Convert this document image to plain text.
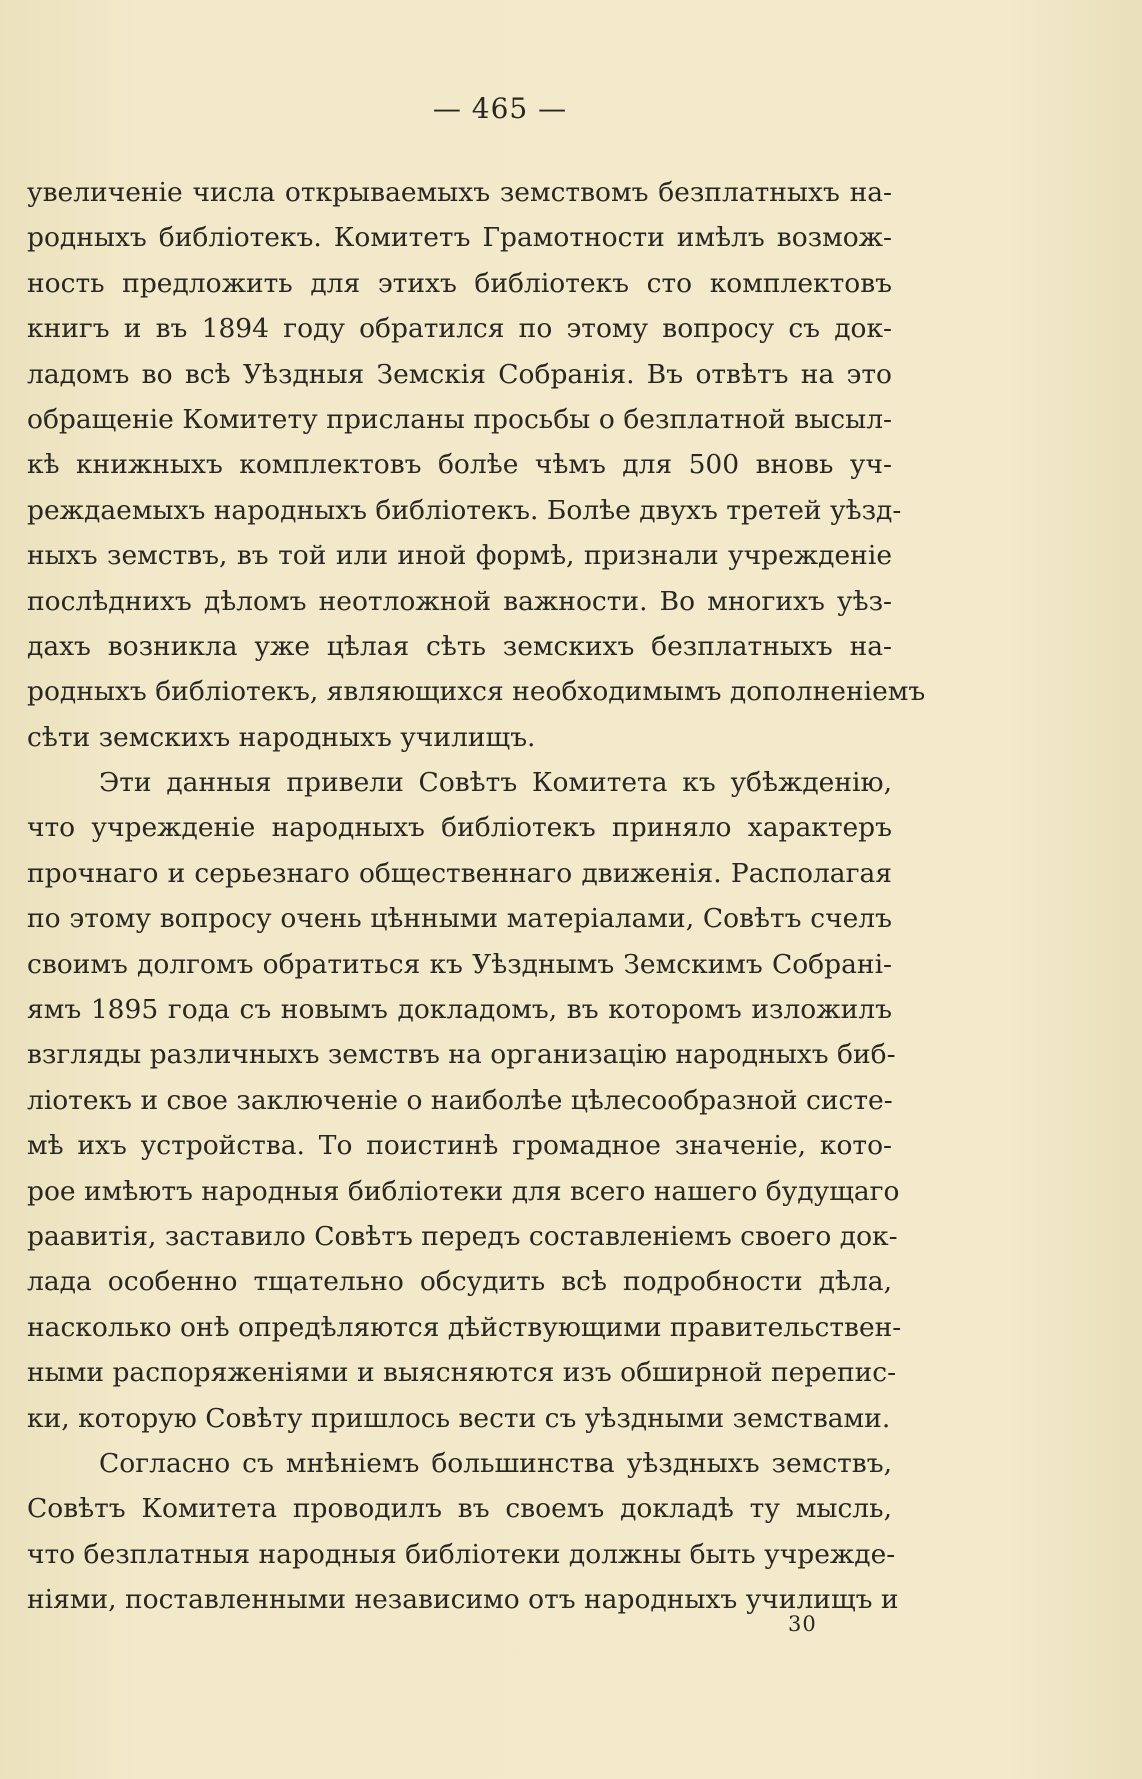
— 465 —
увеличеніе числа открываемыхъ земствомъ безплатныхъ на-
родныхъ библіотекъ. Комитетъ Грамотности имѣлъ возмож-
ность предложить для этихъ библіотекъ сто комплектовъ
книгъ и въ 1894 году обратился по этому вопросу съ док-
ладомъ во всѣ Уѣздныя Земскія Собранія. Въ отвѣтъ на это
обращеніе Комитету присланы просьбы о безплатной высыл-
кѣ книжныхъ комплектовъ болѣе чѣмъ для 500 вновь уч-
реждаемыхъ народныхъ библіотекъ. Болѣе двухъ третей уѣзд-
ныхъ земствъ, въ той или иной формѣ, признали учрежденіе
послѣднихъ дѣломъ неотложной важности. Во многихъ уѣз-
дахъ возникла уже цѣлая сѣть земскихъ безплатныхъ на-
родныхъ библіотекъ, являющихся необходимымъ дополненіемъ
сѣти земскихъ народныхъ училищъ.
Эти данныя привели Совѣтъ Комитета къ убѣжденію,
что учрежденіе народныхъ библіотекъ приняло характеръ
прочнаго и серьезнаго общественнаго движенія. Располагая
по этому вопросу очень цѣнными матеріалами, Совѣтъ счелъ
своимъ долгомъ обратиться къ Уѣзднымъ Земскимъ Собрані-
ямъ 1895 года съ новымъ докладомъ, въ которомъ изложилъ
взгляды различныхъ земствъ на организацію народныхъ биб-
ліотекъ и свое заключеніе о наиболѣе цѣлесообразной систе-
мѣ ихъ устройства. То поистинѣ громадное значеніе, кото-
рое имѣютъ народныя библіотеки для всего нашего будущаго
раавитія, заставило Совѣтъ передъ составленіемъ своего док-
лада особенно тщательно обсудить всѣ подробности дѣла,
насколько онѣ опредѣляются дѣйствующими правительствен-
ными распоряженіями и выясняются изъ обширной перепис-
ки, которую Совѣту пришлось вести съ уѣздными земствами.
Согласно съ мнѣніемъ большинства уѣздныхъ земствъ,
Совѣтъ Комитета проводилъ въ своемъ докладѣ ту мысль,
что безплатныя народныя библіотеки должны быть учрежде-
ніями, поставленными независимо отъ народныхъ училищъ и
30
